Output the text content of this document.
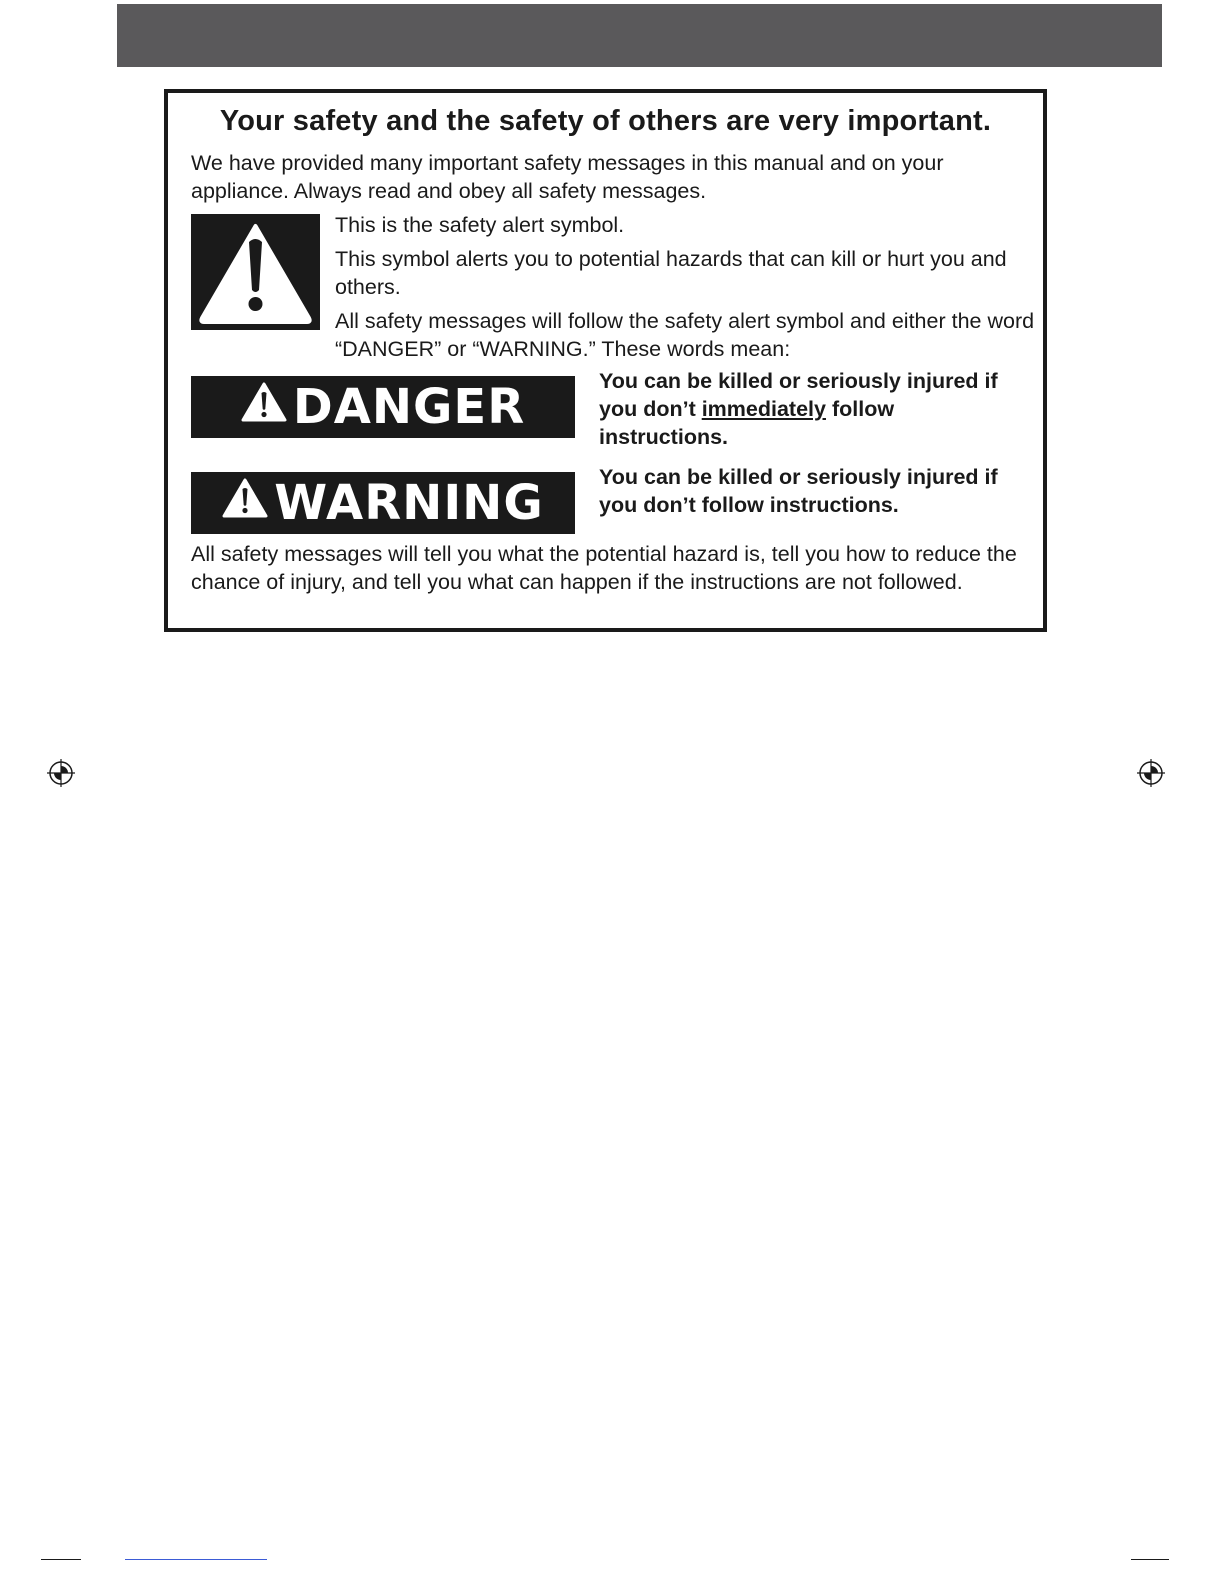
Your safety and the safety of others are very important.
We have provided many important safety messages in this manual and on your appliance. Always read and obey all safety messages.

This is the safety alert symbol.

This symbol alerts you to potential hazards that can kill or hurt you and others.

All safety messages will follow the safety alert symbol and either the word “DANGER” or “WARNING.” These words mean:

DANGER	You can be killed or seriously injured if you don’t immediately follow instructions.
WARNING	You can be killed or seriously injured if you don’t follow instructions.
All safety messages will tell you what the potential hazard is, tell you how to reduce the chance of injury, and tell you what can happen if the instructions are not followed.
